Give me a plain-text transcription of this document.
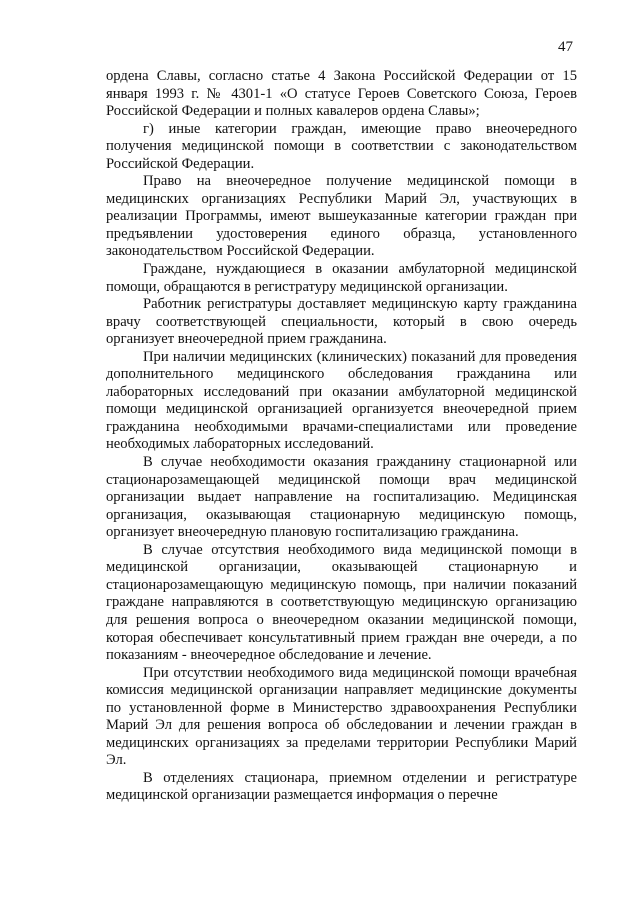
47

ордена Славы, согласно статье 4 Закона Российской Федерации от 15 января 1993 г. № 4301-1 «О статусе Героев Советского Союза, Героев Российской Федерации и полных кавалеров ордена Славы»;

г) иные категории граждан, имеющие право внеочередного получения медицинской помощи в соответствии с законодательством Российской Федерации.

Право на внеочередное получение медицинской помощи в медицинских организациях Республики Марий Эл, участвующих в реализации Программы, имеют вышеуказанные категории граждан при предъявлении удостоверения единого образца, установленного законодательством Российской Федерации.

Граждане, нуждающиеся в оказании амбулаторной медицинской помощи, обращаются в регистратуру медицинской организации.

Работник регистратуры доставляет медицинскую карту гражданина врачу соответствующей специальности, который в свою очередь организует внеочередной прием гражданина.

При наличии медицинских (клинических) показаний для проведения дополнительного медицинского обследования гражданина или лабораторных исследований при оказании амбулаторной медицинской помощи медицинской организацией организуется внеочередной прием гражданина необходимыми врачами-специалистами или проведение необходимых лабораторных исследований.

В случае необходимости оказания гражданину стационарной или стационарозамещающей медицинской помощи врач медицинской организации выдает направление на госпитализацию. Медицинская организация, оказывающая стационарную медицинскую помощь, организует внеочередную плановую госпитализацию гражданина.

В случае отсутствия необходимого вида медицинской помощи в медицинской организации, оказывающей стационарную и стационарозамещающую медицинскую помощь, при наличии показаний граждане направляются в соответствующую медицинскую организацию для решения вопроса о внеочередном оказании медицинской помощи, которая обеспечивает консультативный прием граждан вне очереди, а по показаниям - внеочередное обследование и лечение.

При отсутствии необходимого вида медицинской помощи врачебная комиссия медицинской организации направляет медицинские документы по установленной форме в Министерство здравоохранения Республики Марий Эл для решения вопроса об обследовании и лечении граждан в медицинских организациях за пределами территории Республики Марий Эл.

В отделениях стационара, приемном отделении и регистратуре медицинской организации размещается информация о перечне
